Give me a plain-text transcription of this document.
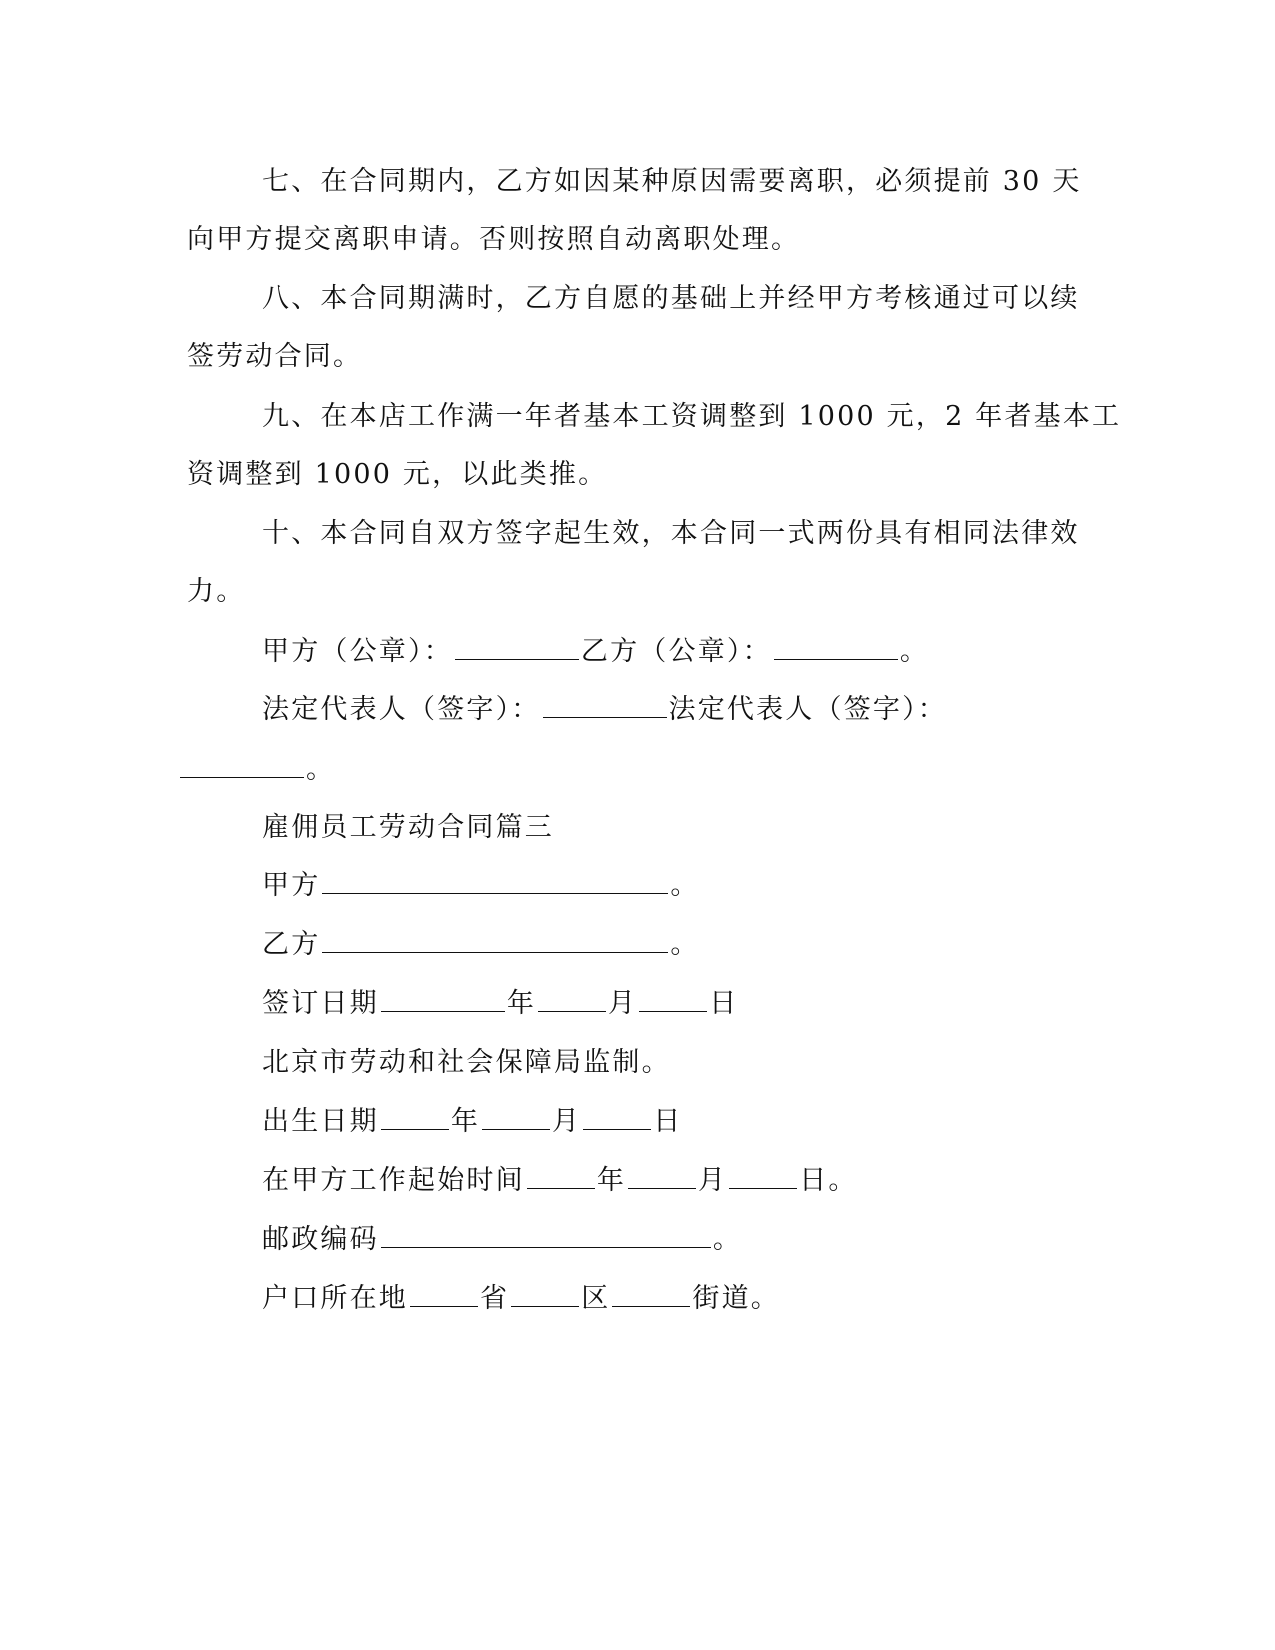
七、在合同期内，乙方如因某种原因需要离职，必须提前 30 天
向甲方提交离职申请。否则按照自动离职处理。
八、本合同期满时，乙方自愿的基础上并经甲方考核通过可以续
签劳动合同。
九、在本店工作满一年者基本工资调整到 1000 元，2 年者基本工
资调整到 1000 元，以此类推。
十、本合同自双方签字起生效，本合同一式两份具有相同法律效
力。
甲方（公章）：	乙方（公章）：	。
法定代表人（签字）：	法定代表人（签字）：
。
雇佣员工劳动合同篇三
甲方	。
乙方	。
签订日期	年	月	日
北京市劳动和社会保障局监制。
出生日期	年	月	日
在甲方工作起始时间	年	月	日。
邮政编码	。
户口所在地	省	区	街道。
